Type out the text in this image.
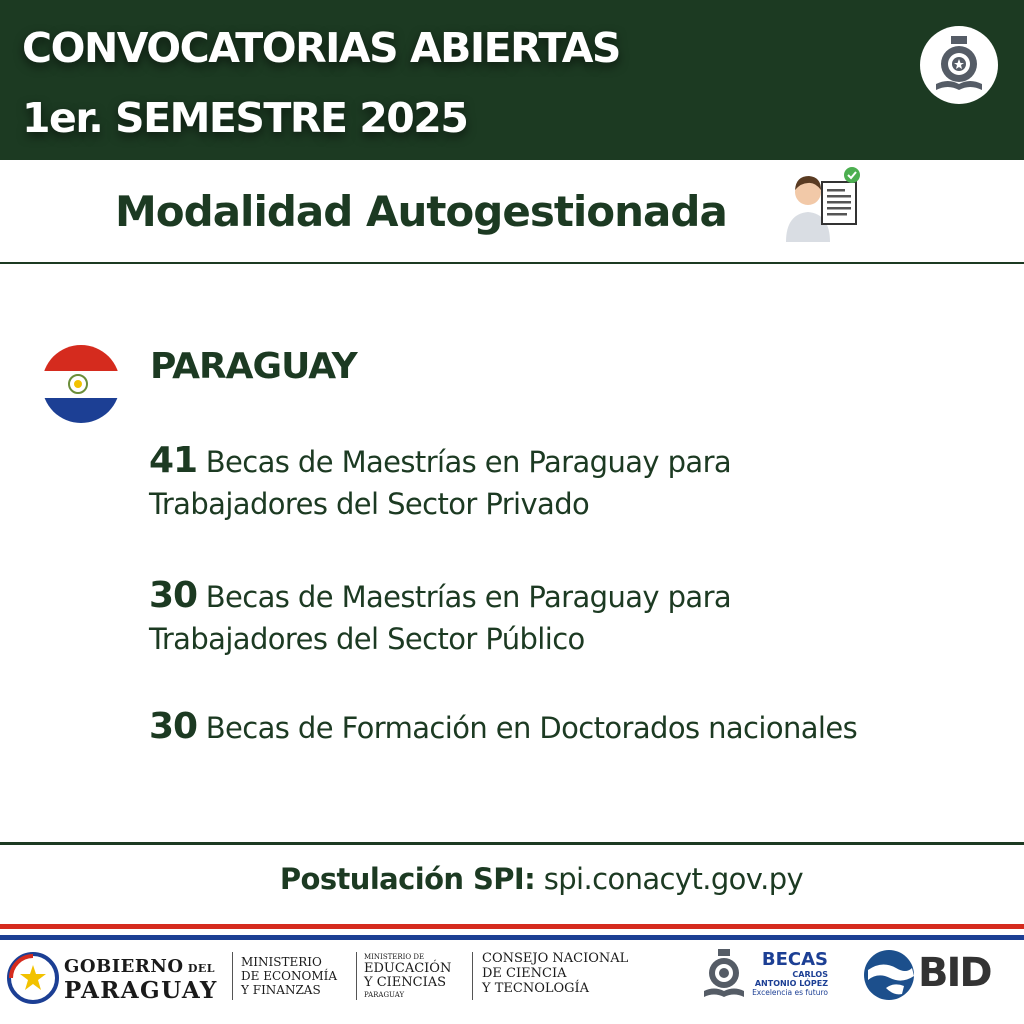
CONVOCATORIAS ABIERTAS
1er. SEMESTRE 2025
Modalidad Autogestionada
PARAGUAY
41 Becas de Maestrías en Paraguay para
Trabajadores del Sector Privado
30 Becas de Maestrías en Paraguay para
Trabajadores del Sector Público
30 Becas de Formación en Doctorados nacionales
Postulación SPI: spi.conacyt.gov.py
GOBIERNO DEL
PARAGUAY
MINISTERIO
DE ECONOMÍA
Y FINANZAS
MINISTERIO DE
EDUCACIÓN
Y CIENCIAS
PARAGUAY
CONSEJO NACIONAL
DE CIENCIA
Y TECNOLOGÍA
BECAS
CARLOS
ANTONIO LÓPEZ
Excelencia es futuro BID
